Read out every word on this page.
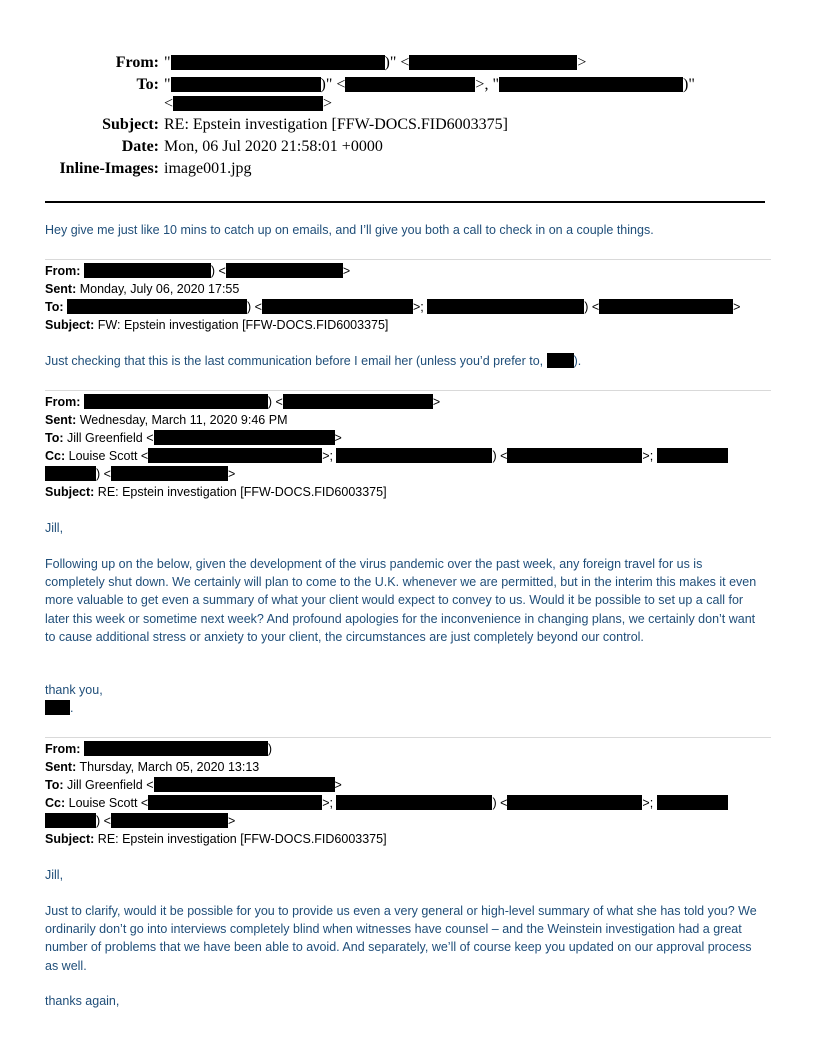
From: "	)" <	>
To: "	)" <	>, "	)"
<	>
Subject: RE: Epstein investigation [FFW-DOCS.FID6003375]
Date: Mon, 06 Jul 2020 21:58:01 +0000
Inline-Images: image001.jpg
Hey give me just like 10 mins to catch up on emails, and I’ll give you both a call to check in on a couple things.
From:	) <	>
Sent: Monday, July 06, 2020 17:55
To:	) <	>;	) <	>
Subject: FW: Epstein investigation [FFW-DOCS.FID6003375]
Just checking that this is the last communication before I email her (unless you’d prefer to, ).
From:	) <	>
Sent: Wednesday, March 11, 2020 9:46 PM
To: Jill Greenfield <	>
Cc: Louise Scott <	>;	) <	>;
) <	>
Subject: RE: Epstein investigation [FFW-DOCS.FID6003375]
Jill,
Following up on the below, given the development of the virus pandemic over the past week, any foreign travel for us is completely shut down. We certainly will plan to come to the U.K. whenever we are permitted, but in the interim this makes it even more valuable to get even a summary of what your client would expect to convey to us. Would it be possible to set up a call for later this week or sometime next week? And profound apologies for the inconvenience in changing plans, we certainly don’t want to cause additional stress or anxiety to your client, the circumstances are just completely beyond our control.
thank you,
.
From:	)
Sent: Thursday, March 05, 2020 13:13
To: Jill Greenfield <	>
Cc: Louise Scott <	>;	) <	>;
) <	>
Subject: RE: Epstein investigation [FFW-DOCS.FID6003375]
Jill,
Just to clarify, would it be possible for you to provide us even a very general or high-level summary of what she has told you? We ordinarily don’t go into interviews completely blind when witnesses have counsel – and the Weinstein investigation had a great number of problems that we have been able to avoid. And separately, we’ll of course keep you updated on our approval process as well.
thanks again,
